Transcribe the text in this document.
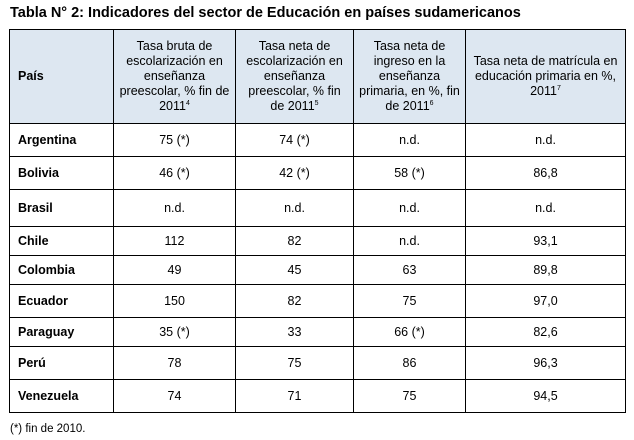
Tabla N° 2: Indicadores del sector de Educación en países sudamericanos
País	Tasa bruta de escolarización en enseñanza preescolar, % fin de 2011$^4$	Tasa neta de escolarización en enseñanza preescolar, % fin de 2011$^5$	Tasa neta de ingreso en la enseñanza primaria, en %, fin de 2011$^6$	Tasa neta de matrícula en educación primaria en %, 2011$^7$
Argentina	75 (*)	74 (*)	n.d.	n.d.
Bolivia	46 (*)	42 (*)	58 (*)	86,8
Brasil	n.d.	n.d.	n.d.	n.d.
Chile	112	82	n.d.	93,1
Colombia	49	45	63	89,8
Ecuador	150	82	75	97,0
Paraguay	35 (*)	33	66 (*)	82,6
Perú	78	75	86	96,3
Venezuela	74	71	75	94,5
(*) fin de 2010.
